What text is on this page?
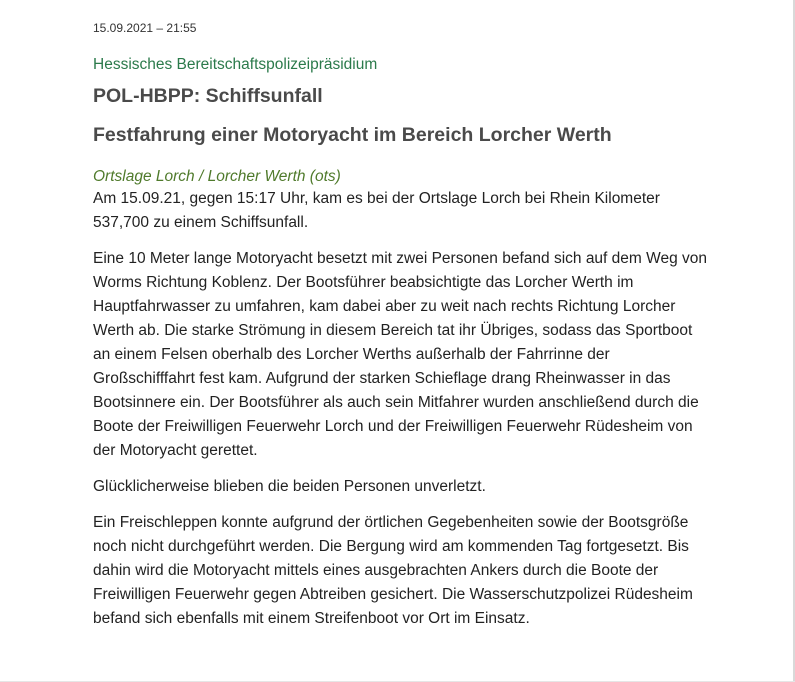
15.09.2021 – 21:55

Hessisches Bereitschaftspolizeipräsidium

POL-HBPP: Schiffsunfall
Festfahrung einer Motoryacht im Bereich Lorcher Werth

Ortslage Lorch / Lorcher Werth (ots)

Am 15.09.21, gegen 15:17 Uhr, kam es bei der Ortslage Lorch bei Rhein Kilometer 537,700 zu einem Schiffsunfall.

Eine 10 Meter lange Motoryacht besetzt mit zwei Personen befand sich auf dem Weg von Worms Richtung Koblenz. Der Bootsführer beabsichtigte das Lorcher Werth im Hauptfahrwasser zu umfahren, kam dabei aber zu weit nach rechts Richtung Lorcher Werth ab. Die starke Strömung in diesem Bereich tat ihr Übriges, sodass das Sportboot an einem Felsen oberhalb des Lorcher Werths außerhalb der Fahrrinne der Großschifffahrt fest kam. Aufgrund der starken Schieflage drang Rheinwasser in das Bootsinnere ein. Der Bootsführer als auch sein Mitfahrer wurden anschließend durch die Boote der Freiwilligen Feuerwehr Lorch und der Freiwilligen Feuerwehr Rüdesheim von der Motoryacht gerettet.

Glücklicherweise blieben die beiden Personen unverletzt.

Ein Freischleppen konnte aufgrund der örtlichen Gegebenheiten sowie der Bootsgröße noch nicht durchgeführt werden. Die Bergung wird am kommenden Tag fortgesetzt. Bis dahin wird die Motoryacht mittels eines ausgebrachten Ankers durch die Boote der Freiwilligen Feuerwehr gegen Abtreiben gesichert. Die Wasserschutzpolizei Rüdesheim befand sich ebenfalls mit einem Streifenboot vor Ort im Einsatz.
